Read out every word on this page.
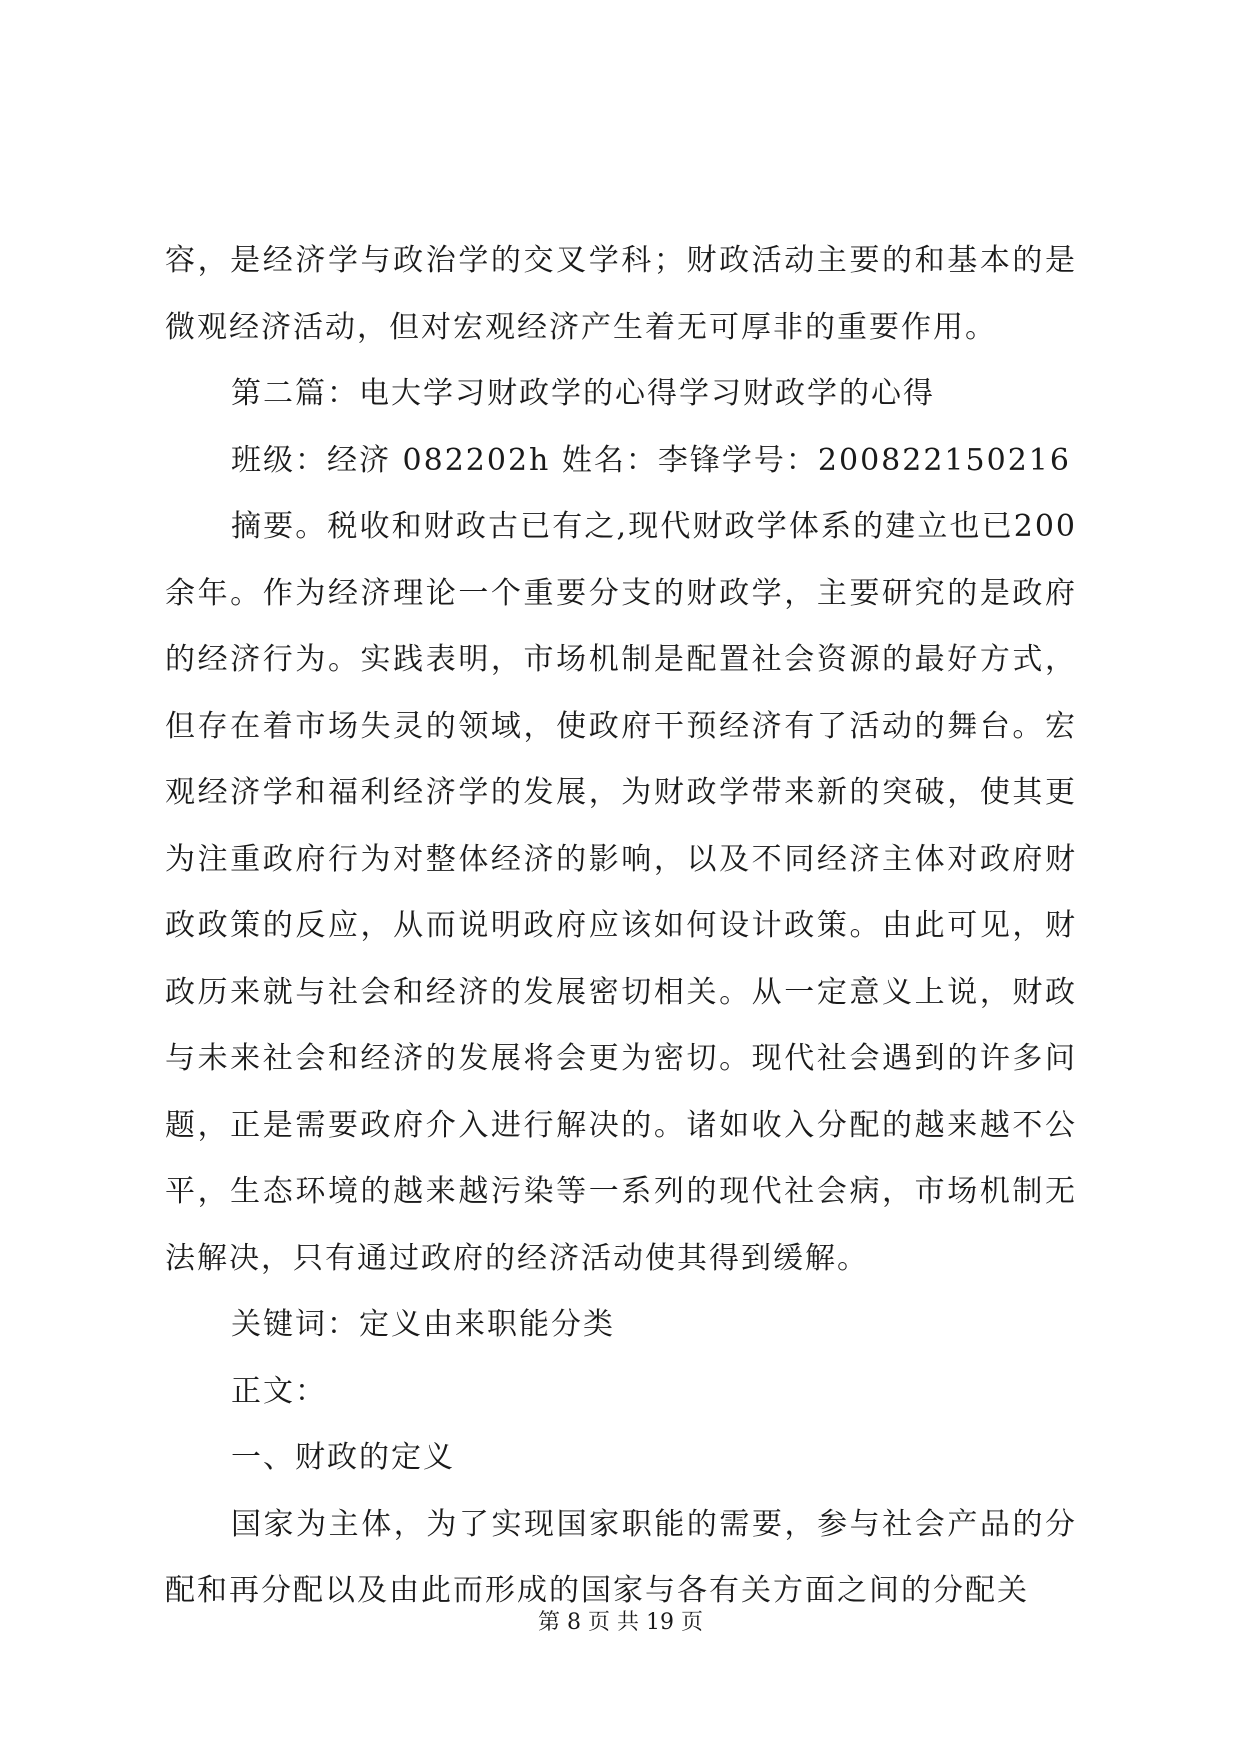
容，是经济学与政治学的交叉学科；财政活动主要的和基本的是微观经济活动，但对宏观经济产生着无可厚非的重要作用。

第二篇：电大学习财政学的心得学习财政学的心得

班级：经济 082202h 姓名：李锋学号：200822150216

摘要。税收和财政古已有之,现代财政学体系的建立也已200余年。作为经济理论一个重要分支的财政学，主要研究的是政府的经济行为。实践表明，市场机制是配置社会资源的最好方式，但存在着市场失灵的领域，使政府干预经济有了活动的舞台。宏观经济学和福利经济学的发展，为财政学带来新的突破，使其更为注重政府行为对整体经济的影响，以及不同经济主体对政府财政政策的反应，从而说明政府应该如何设计政策。由此可见，财政历来就与社会和经济的发展密切相关。从一定意义上说，财政与未来社会和经济的发展将会更为密切。现代社会遇到的许多问题，正是需要政府介入进行解决的。诸如收入分配的越来越不公平，生态环境的越来越污染等一系列的现代社会病，市场机制无法解决，只有通过政府的经济活动使其得到缓解。

关键词：定义由来职能分类

正文：

一、财政的定义

国家为主体，为了实现国家职能的需要，参与社会产品的分配和再分配以及由此而形成的国家与各有关方面之间的分配关

第 8 页 共 19 页
